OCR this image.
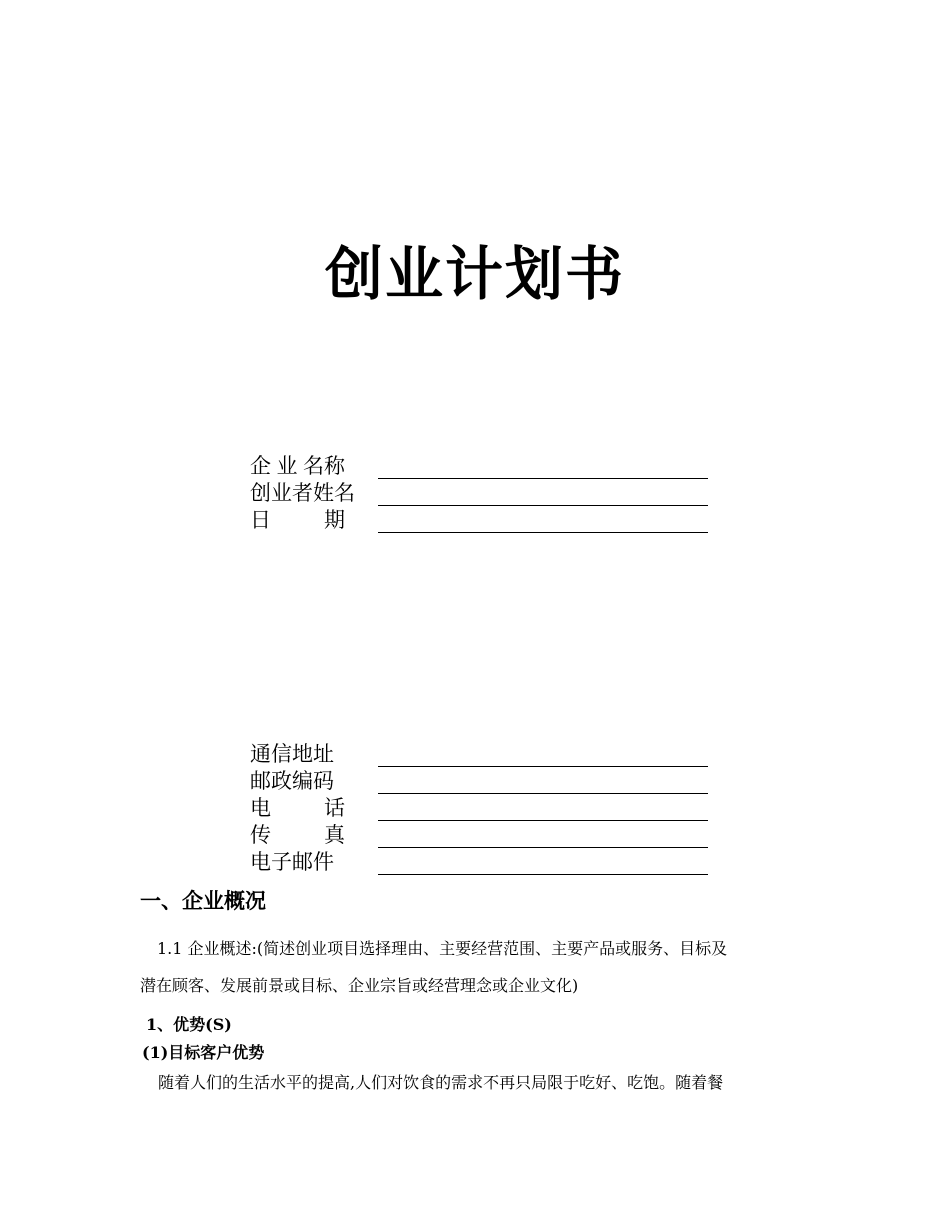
创业计划书
企 业 名称
创业者姓名
日	期
通信地址
邮政编码
电	话
传	真
电子邮件
一、企业概况

1.1 企业概述:(简述创业项目选择理由、主要经营范围、主要产品或服务、目标及
潜在顾客、发展前景或目标、企业宗旨或经营理念或企业文化)

1、优势(S)
(1)目标客户优势

随着人们的生活水平的提高,人们对饮食的需求不再只局限于吃好、吃饱。随着餐
